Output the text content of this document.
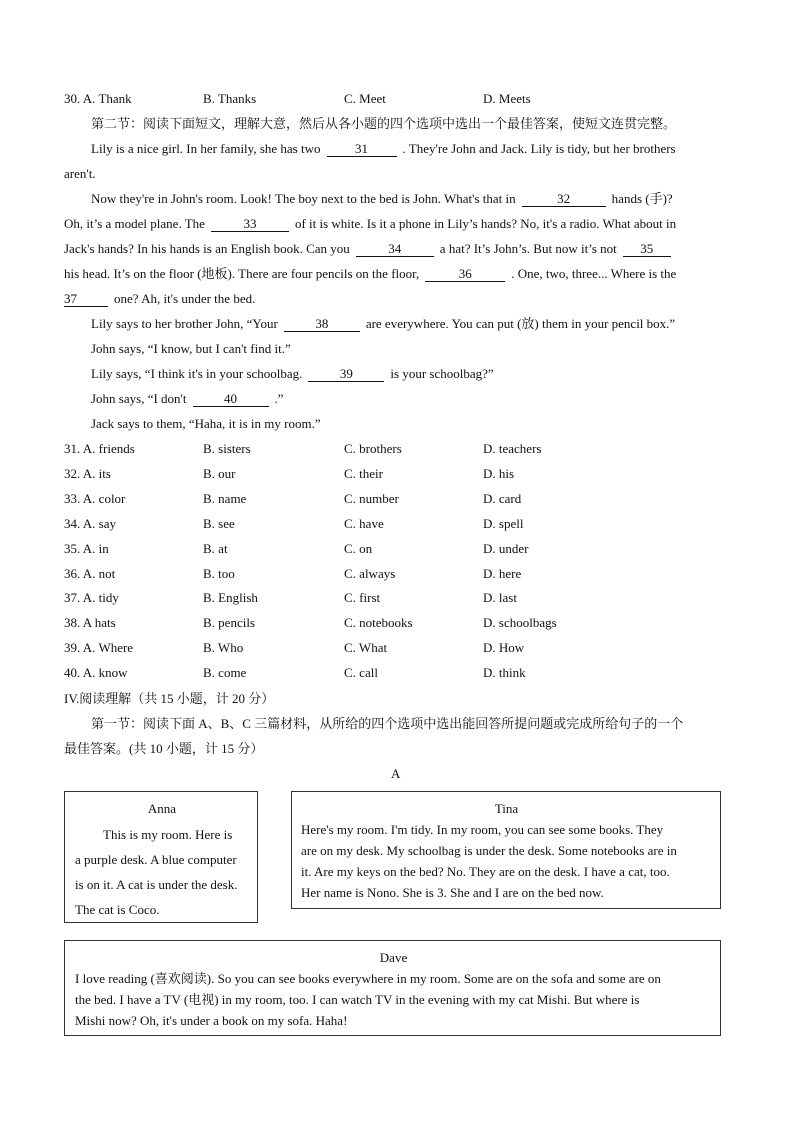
30. A. Thank	B. Thanks	C. Meet	D. Meets
第二节：阅读下面短文，理解大意，然后从各小题的四个选项中选出一个最佳答案，使短文连贯完整。
Lily is a nice girl. In her family, she has two	31	. They're John and Jack. Lily is tidy, but her brothers
aren't.
Now they're in John's room. Look! The boy next to the bed is John. What's that in	32	hands (手)?
Oh, it’s a model plane. The	33	of it is white. Is it a phone in Lily’s hands? No, it's a radio. What about in
Jack's hands? In his hands is an English book. Can you	34	a hat? It’s John’s. But now it’s not 35
his head. It’s on the floor (地板). There are four pencils on the floor,	36	. One, two, three... Where is the
37	one? Ah, it's under the bed.
Lily says to her brother John, “Your	38	are everywhere. You can put (放) them in your pencil box.”
John says, “I know, but I can't find it.”
Lily says, “I think it's in your schoolbag.	39	is your schoolbag?”
John says, “I don't	40	.”
Jack says to them, “Haha, it is in my room.”
31. A. friends	B. sisters	C. brothers	D. teachers
32. A. its	B. our	C. their	D. his
33. A. color	B. name	C. number	D. card
34. A. say	B. see	C. have	D. spell
35. A. in	B. at	C. on	D. under
36. A. not	B. too	C. always	D. here
37. A. tidy	B. English	C. first	D. last
38. A hats	B. pencils	C. notebooks	D. schoolbags
39. A. Where	B. Who	C. What	D. How
40. A. know	B. come	C. call	D. think
IV.阅读理解（共 15 小题，计 20 分）
第一节：阅读下面 A、B、C 三篇材料，从所给的四个选项中选出能回答所提问题或完成所给句子的一个
最佳答案。(共 10 小题，计 15 分）
A
Anna
This is my room. Here is
a purple desk. A blue computer
is on it. A cat is under the desk.
The cat is Coco.
Tina
Here's my room. I'm tidy. In my room, you can see some books. They
are on my desk. My schoolbag is under the desk. Some notebooks are in
it. Are my keys on the bed? No. They are on the desk. I have a cat, too.
Her name is Nono. She is 3. She and I are on the bed now.
Dave
I love reading (喜欢阅读). So you can see books everywhere in my room. Some are on the sofa and some are on
the bed. I have a TV (电视) in my room, too. I can watch TV in the evening with my cat Mishi. But where is
Mishi now? Oh, it's under a book on my sofa. Haha!
